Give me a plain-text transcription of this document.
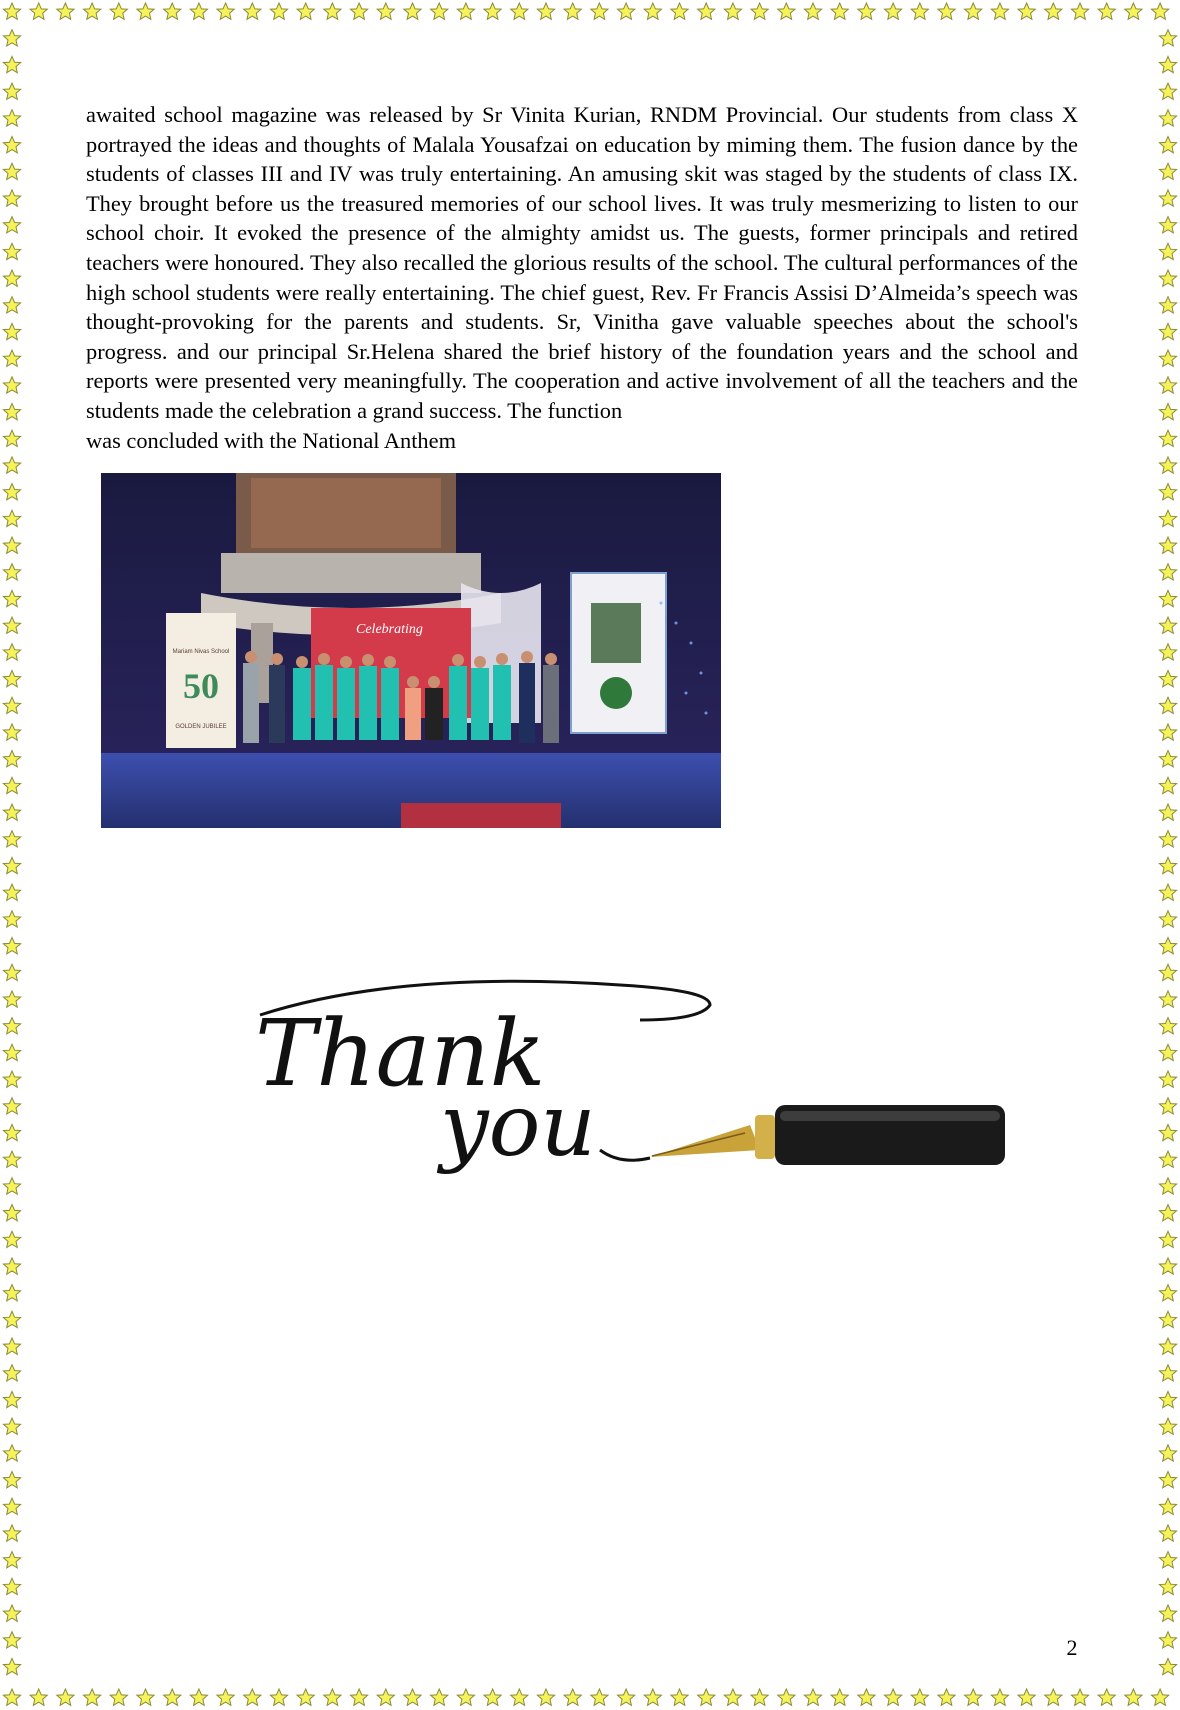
awaited school magazine was released by Sr Vinita Kurian, RNDM Provincial. Our students from class X portrayed the ideas and thoughts of Malala Yousafzai on education by miming them. The fusion dance by the students of classes III and IV was truly entertaining. An amusing skit was staged by the students of class IX. They brought before us the treasured memories of our school lives. It was truly mesmerizing to listen to our school choir. It evoked the presence of the almighty amidst us. The guests, former principals and retired teachers were honoured. They also recalled the glorious results of the school. The cultural performances of the high school students were really entertaining. The chief guest, Rev. Fr Francis Assisi D’Almeida’s speech was thought-provoking for the parents and students. Sr, Vinitha gave valuable speeches about the school's progress. and our principal Sr.Helena shared the brief history of the foundation years and the school and reports were presented very meaningfully. The cooperation and active involvement of all the teachers and the students made the celebration a grand success. The function
was concluded with the National Anthem

Mariam Nivas School
50
GOLDEN JUBILEE
Celebrating
Thank
you
2
